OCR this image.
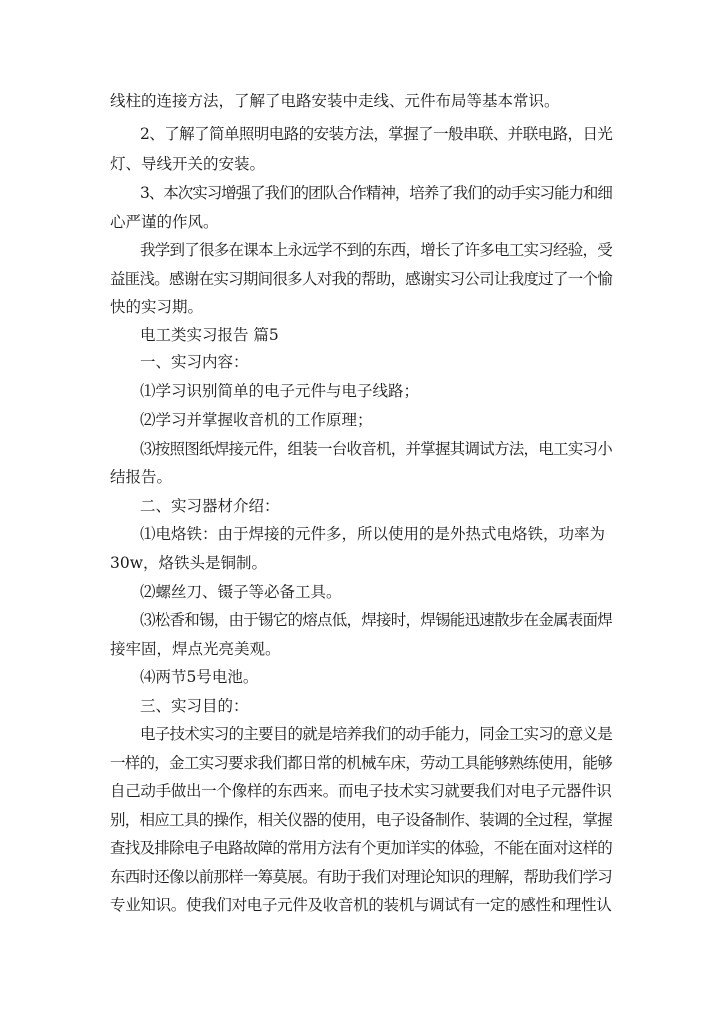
线柱的连接方法，了解了电路安装中走线、元件布局等基本常识。
2、了解了简单照明电路的安装方法，掌握了一般串联、并联电路，日光
灯、导线开关的安装。
3、本次实习增强了我们的团队合作精神，培养了我们的动手实习能力和细
心严谨的作风。
我学到了很多在课本上永远学不到的东西，增长了许多电工实习经验，受
益匪浅。感谢在实习期间很多人对我的帮助，感谢实习公司让我度过了一个愉
快的实习期。
电工类实习报告 篇5
一、实习内容：
⑴学习识别简单的电子元件与电子线路；
⑵学习并掌握收音机的工作原理；
⑶按照图纸焊接元件，组装一台收音机，并掌握其调试方法，电工实习小
结报告。
二、实习器材介绍：
⑴电烙铁：由于焊接的元件多，所以使用的是外热式电烙铁，功率为
30w，烙铁头是铜制。
⑵螺丝刀、镊子等必备工具。
⑶松香和锡，由于锡它的熔点低，焊接时，焊锡能迅速散步在金属表面焊
接牢固，焊点光亮美观。
⑷两节5号电池。
三、实习目的：
电子技术实习的主要目的就是培养我们的动手能力，同金工实习的意义是
一样的，金工实习要求我们都日常的机械车床，劳动工具能够熟练使用，能够
自己动手做出一个像样的东西来。而电子技术实习就要我们对电子元器件识
别，相应工具的操作，相关仪器的使用，电子设备制作、装调的全过程，掌握
查找及排除电子电路故障的常用方法有个更加详实的体验，不能在面对这样的
东西时还像以前那样一筹莫展。有助于我们对理论知识的理解，帮助我们学习
专业知识。使我们对电子元件及收音机的装机与调试有一定的感性和理性认
